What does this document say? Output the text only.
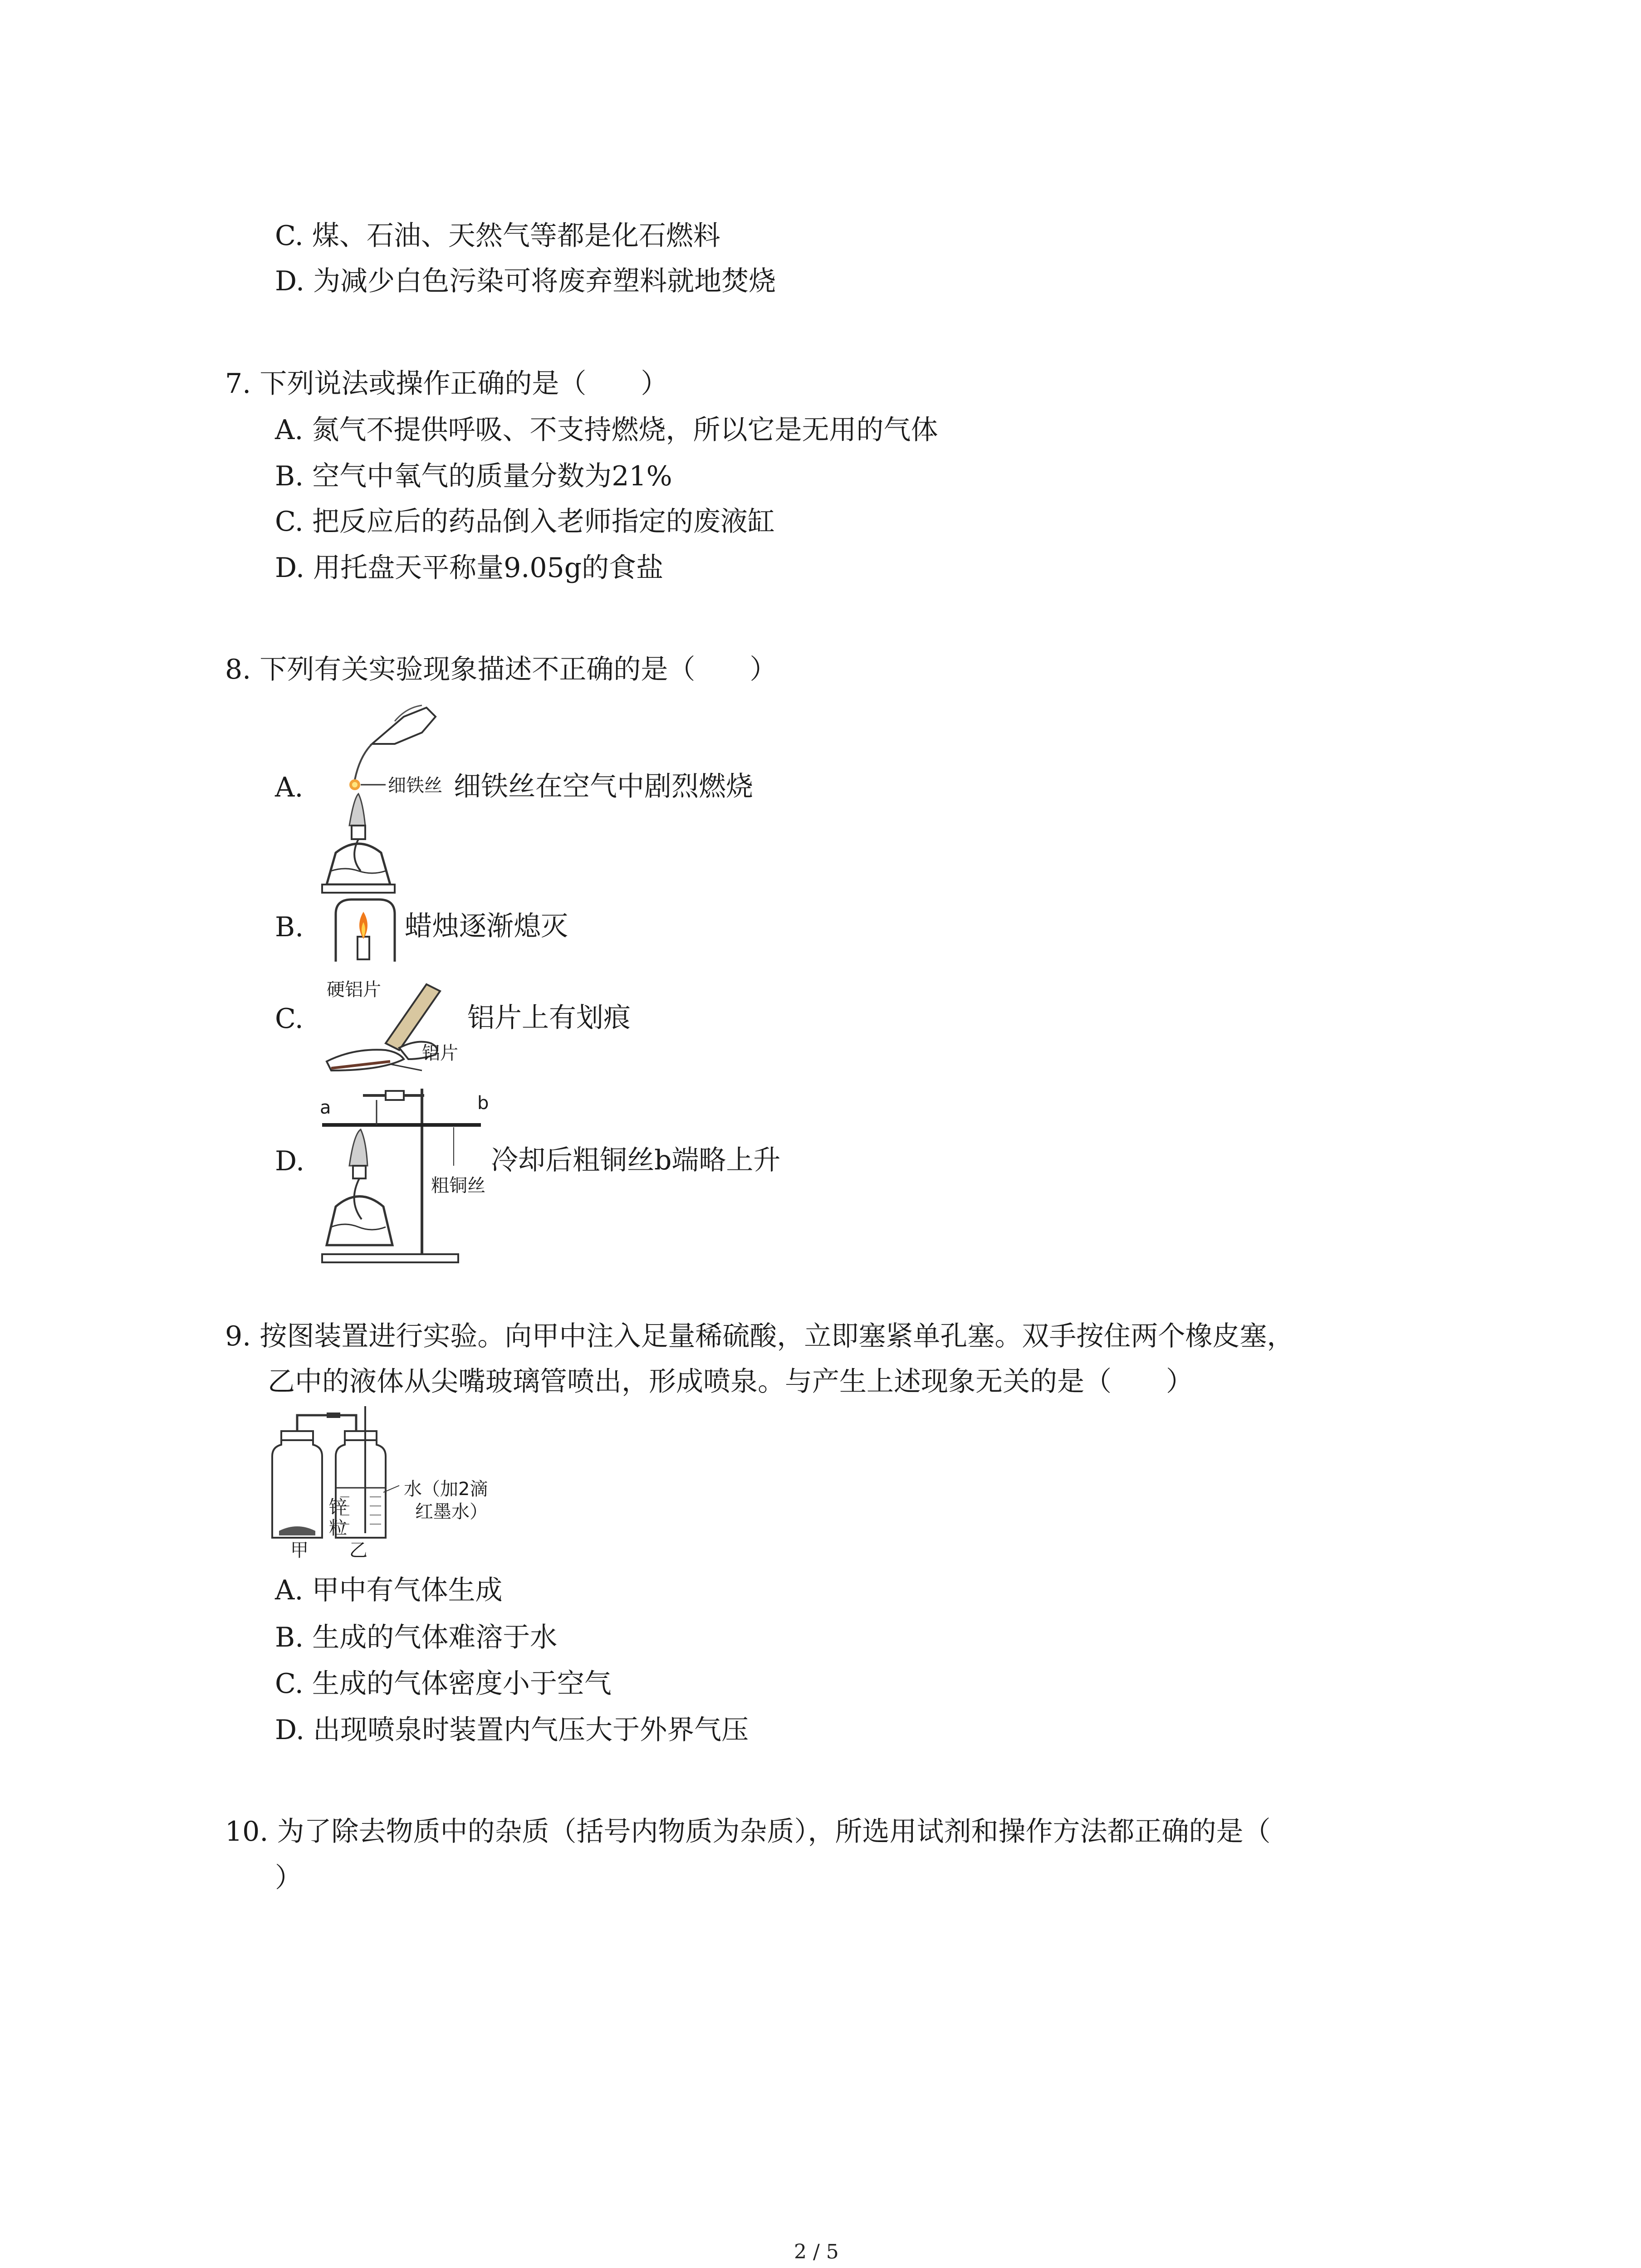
C. 煤、石油、天然气等都是化石燃料
D. 为减少白色污染可将废弃塑料就地焚烧
7. 下列说法或操作正确的是（　　）
A. 氮气不提供呼吸、不支持燃烧，所以它是无用的气体
B. 空气中氧气的质量分数为21%
C. 把反应后的药品倒入老师指定的废液缸
D. 用托盘天平称量9.05g的食盐
8. 下列有关实验现象描述不正确的是（　　）
A.	细铁丝 细铁丝在空气中剧烈燃烧
B.	蜡烛逐渐熄灭
C.
硬铝片
铝片
铝片上有划痕
D.
a	b
粗铜丝
冷却后粗铜丝b端略上升
9. 按图装置进行实验。向甲中注入足量稀硫酸，立即塞紧单孔塞。双手按住两个橡皮塞，
乙中的液体从尖嘴玻璃管喷出，形成喷泉。与产生上述现象无关的是（　　）
锌
粒
水（加2滴
红墨水）
甲 乙
A. 甲中有气体生成
B. 生成的气体难溶于水
C. 生成的气体密度小于空气
D. 出现喷泉时装置内气压大于外界气压
10. 为了除去物质中的杂质（括号内物质为杂质），所选用试剂和操作方法都正确的是（
）
2 / 5
